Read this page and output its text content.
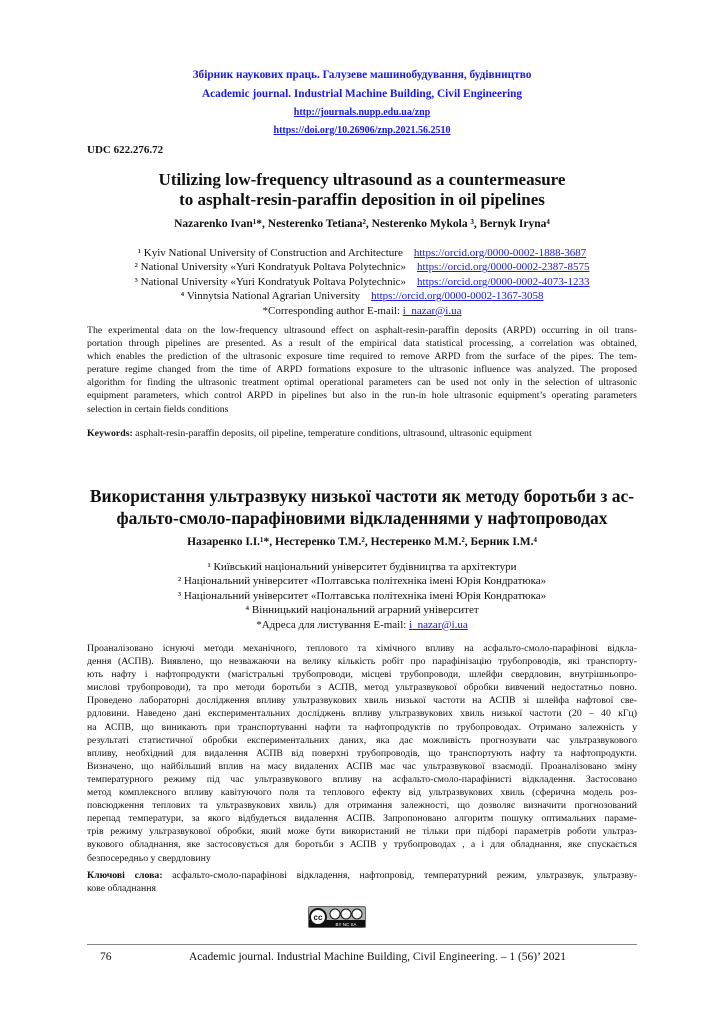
Збірник наукових праць. Галузеве машинобудування, будівництво
Academic journal. Industrial Machine Building, Civil Engineering
http://journals.nupp.edu.ua/znp
https://doi.org/10.26906/znp.2021.56.2510
UDC 622.276.72
Utilizing low-frequency ultrasound as a countermeasure
to asphalt-resin-paraffin deposition in oil pipelines
Nazarenko Ivan¹*, Nesterenko Tetiana², Nesterenko Mykola ³, Bernyk Iryna⁴
¹ Kyiv National University of Construction and Architecture https://orcid.org/0000-0002-1888-3687
² National University «Yuri Kondratyuk Poltava Polytechnic» https://orcid.org/0000-0002-2387-8575
³ National University «Yuri Kondratyuk Poltava Polytechnic» https://orcid.org/0000-0002-4073-1233
⁴ Vinnytsia National Agrarian University https://orcid.org/0000-0002-1367-3058
*Corresponding author E-mail: i_nazar@i.ua
The experimental data on the low-frequency ultrasound effect on asphalt-resin-paraffin deposits (ARPD) occurring in oil trans-
portation through pipelines are presented. As a result of the empirical data statistical processing, a correlation was obtained,
which enables the prediction of the ultrasonic exposure time required to remove ARPD from the surface of the pipes. The tem-
perature regime changed from the time of ARPD formations exposure to the ultrasonic influence was analyzed. The proposed
algorithm for finding the ultrasonic treatment optimal operational parameters can be used not only in the selection of ultrasonic
equipment parameters, which control ARPD in pipelines but also in the run-in hole ultrasonic equipment’s operating parameters
selection in certain fields conditions
Keywords: asphalt-resin-paraffin deposits, oil pipeline, temperature conditions, ultrasound, ultrasonic equipment
Використання ультразвуку низької частоти як методу боротьби з ас-
фальто-смоло-парафіновими відкладеннями у нафтопроводах
Назаренко І.І.¹*, Нестеренко Т.М.², Нестеренко М.М.², Берник І.М.⁴
¹ Київський національний університет будівництва та архітектури
² Національний університет «Полтавська політехніка імені Юрія Кондратюка»
³ Національний університет «Полтавська політехніка імені Юрія Кондратюка»
⁴ Вінницький національний аграрний університет
*Адреса для листування E-mail: i_nazar@i.ua
Проаналізовано існуючі методи механічного, теплового та хімічного впливу на асфальто-смоло-парафінові відкла-
дення (АСПВ). Виявлено, що незважаючи на велику кількість робіт про парафінізацію трубопроводів, які транспорту-
ють нафту і нафтопродукти (магістральні трубопроводи, місцеві трубопроводи, шлейфи свердловин, внутрішньопро-
мислові трубопроводи), та про методи боротьби з АСПВ, метод ультразвукової обробки вивчений недостатньо повно.
Проведено лабораторні дослідження впливу ультразвукових хвиль низької частоти на АСПВ зі шлейфа нафтової све-
рдловини. Наведено дані експериментальних досліджень впливу ультразвукових хвиль низької частоти (20 – 40 кГц)
на АСПВ, що виникають при транспортуванні нафти та нафтопродуктів по трубопроводах. Отримано залежність у
результаті статистичної обробки експериментальних даних, яка дає можливість прогнозувати час ультразвукового
впливу, необхідний для видалення АСПВ від поверхні трубопроводів, що транспортують нафту та нафтопродукти.
Визначено, що найбільший вплив на масу видалених АСПВ має час ультразвукової взаємодії. Проаналізовано зміну
температурного режиму під час ультразвукового впливу на асфальто-смоло-парафінисті відкладення. Застосовано
метод комплексного впливу кавітуючого поля та теплового ефекту від ультразвукових хвиль (сферична модель роз-
повсюдження теплових та ультразвукових хвиль) для отримання залежності, що дозволяє визначити прогнозований
перепад температури, за якого відбудеться видалення АСПВ. Запропоновано алгоритм пошуку оптимальних параме-
трів режиму ультразвукової обробки, який може бути використаний не тільки при підборі параметрів роботи ультраз-
вукового обладнання, яке застосовується для боротьби з АСПВ у трубопроводах , а і для обладнання, яке спускається
безпосередньо у свердловину
Ключові слова: асфальто-смоло-парафінові відкладення, нафтопровід, температурний режим, ультразвук, ультразву-
кове обладнання
cc
BY NC SA
76	Academic journal. Industrial Machine Building, Civil Engineering. – 1 (56)’ 2021
